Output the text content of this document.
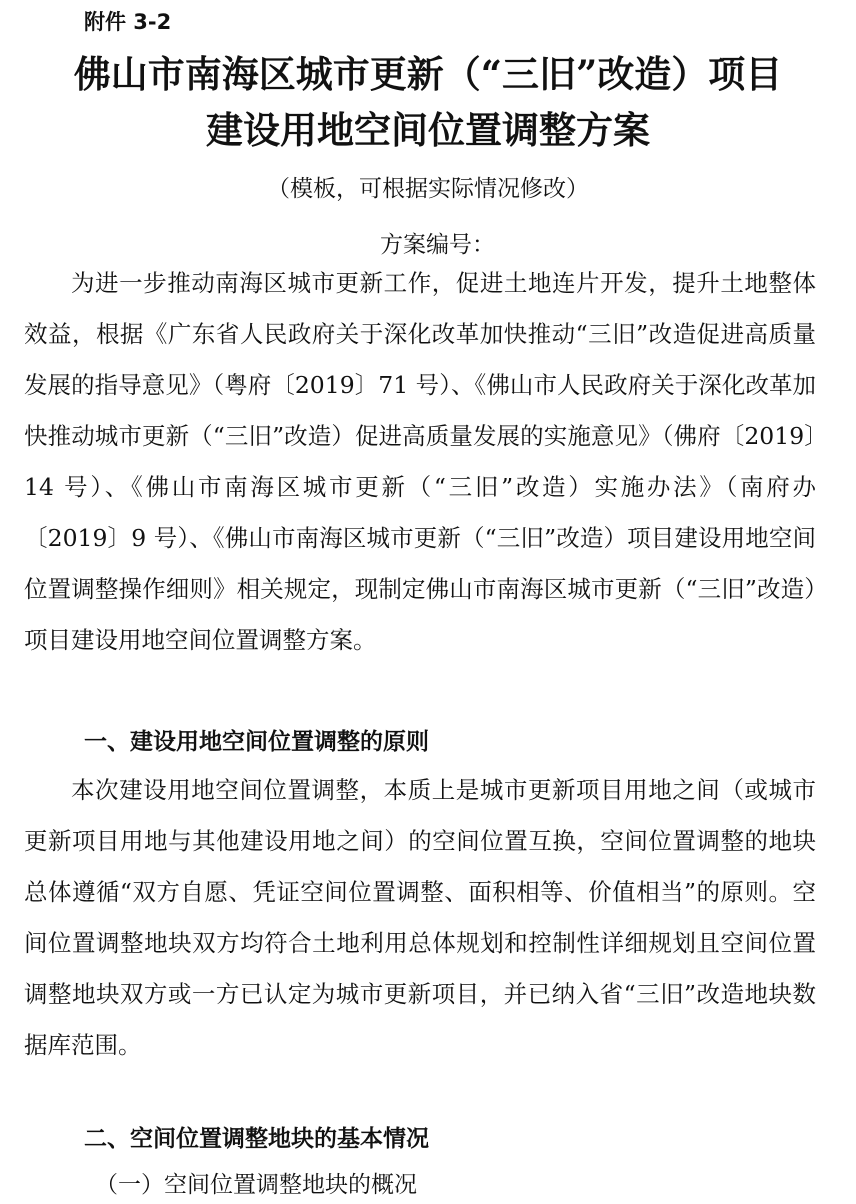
附件 3-2
佛山市南海区城市更新（“三旧”改造）项目
建设用地空间位置调整方案
（模板，可根据实际情况修改）
方案编号：

为进一步推动南海区城市更新工作，促进土地连片开发，提升土地整体效益，根据《广东省人民政府关于深化改革加快推动“三旧”改造促进高质量发展的指导意见》（粤府〔2019〕71 号）、《佛山市人民政府关于深化改革加快推动城市更新（“三旧”改造）促进高质量发展的实施意见》（佛府〔2019〕14 号）、《佛山市南海区城市更新（“三旧”改造）实施办法》（南府办〔2019〕9 号）、《佛山市南海区城市更新（“三旧”改造）项目建设用地空间位置调整操作细则》相关规定，现制定佛山市南海区城市更新（“三旧”改造）项目建设用地空间位置调整方案。

一、建设用地空间位置调整的原则

本次建设用地空间位置调整，本质上是城市更新项目用地之间（或城市更新项目用地与其他建设用地之间）的空间位置互换，空间位置调整的地块总体遵循“双方自愿、凭证空间位置调整、面积相等、价值相当”的原则。空间位置调整地块双方均符合土地利用总体规划和控制性详细规划且空间位置调整地块双方或一方已认定为城市更新项目，并已纳入省“三旧”改造地块数据库范围。

二、空间位置调整地块的基本情况
（一）空间位置调整地块的概况
